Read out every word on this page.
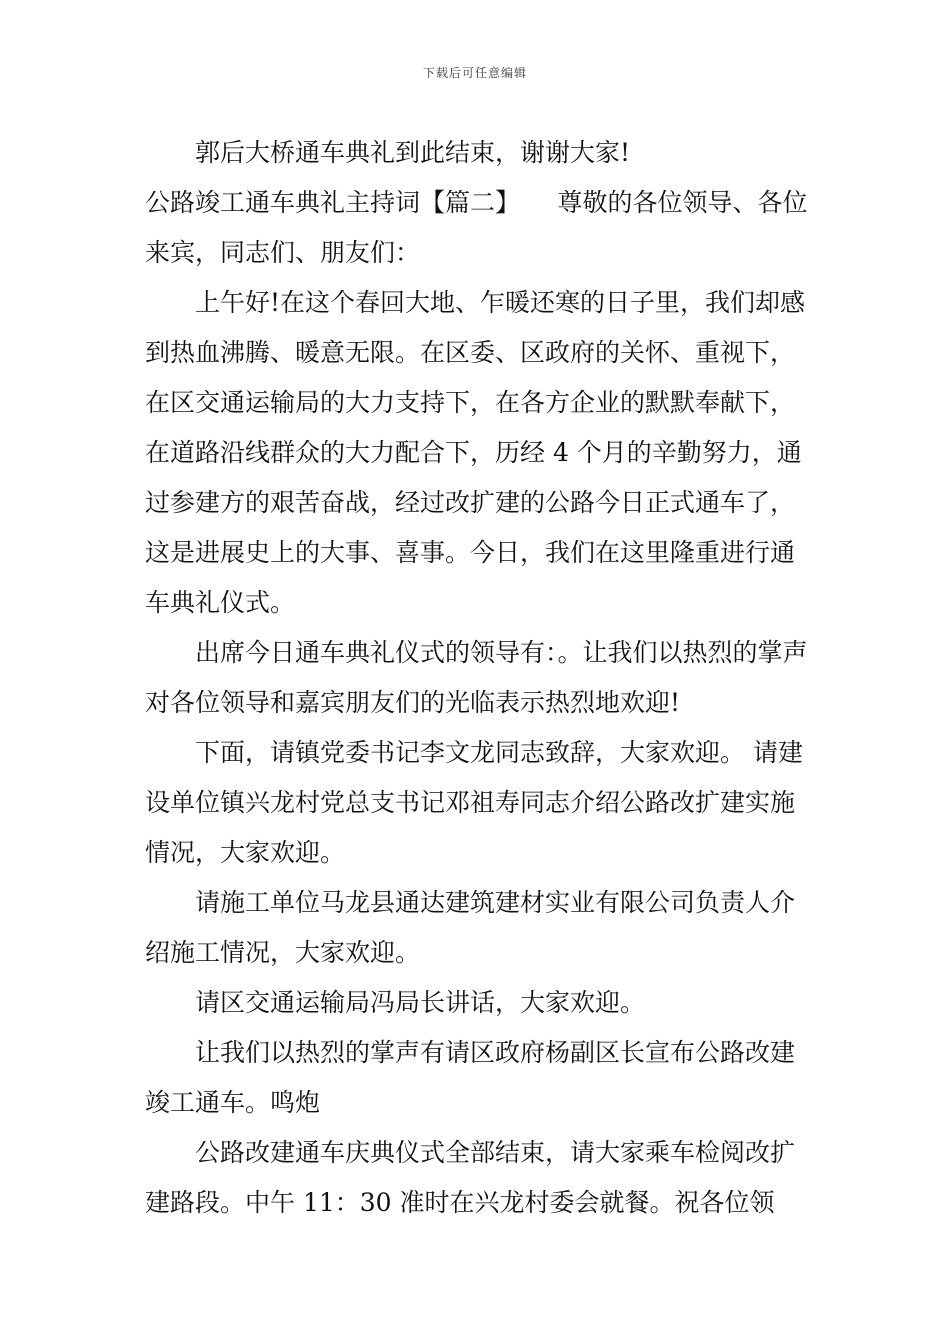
下载后可任意编辑

郭后大桥通车典礼到此结束，谢谢大家!

公路竣工通车典礼主持词【篇二】　　尊敬的各位领导、各位来宾，同志们、朋友们：

上午好!在这个春回大地、乍暖还寒的日子里，我们却感到热血沸腾、暖意无限。在区委、区政府的关怀、重视下，在区交通运输局的大力支持下，在各方企业的默默奉献下，在道路沿线群众的大力配合下，历经 4 个月的辛勤努力，通过参建方的艰苦奋战，经过改扩建的公路今日正式通车了，这是进展史上的大事、喜事。今日，我们在这里隆重进行通车典礼仪式。

出席今日通车典礼仪式的领导有：。让我们以热烈的掌声对各位领导和嘉宾朋友们的光临表示热烈地欢迎!

下面，请镇党委书记李文龙同志致辞，大家欢迎。 请建设单位镇兴龙村党总支书记邓祖寿同志介绍公路改扩建实施情况，大家欢迎。

请施工单位马龙县通达建筑建材实业有限公司负责人介绍施工情况，大家欢迎。

请区交通运输局冯局长讲话，大家欢迎。

让我们以热烈的掌声有请区政府杨副区长宣布公路改建竣工通车。鸣炮

公路改建通车庆典仪式全部结束，请大家乘车检阅改扩建路段。中午 11：30 准时在兴龙村委会就餐。祝各位领
